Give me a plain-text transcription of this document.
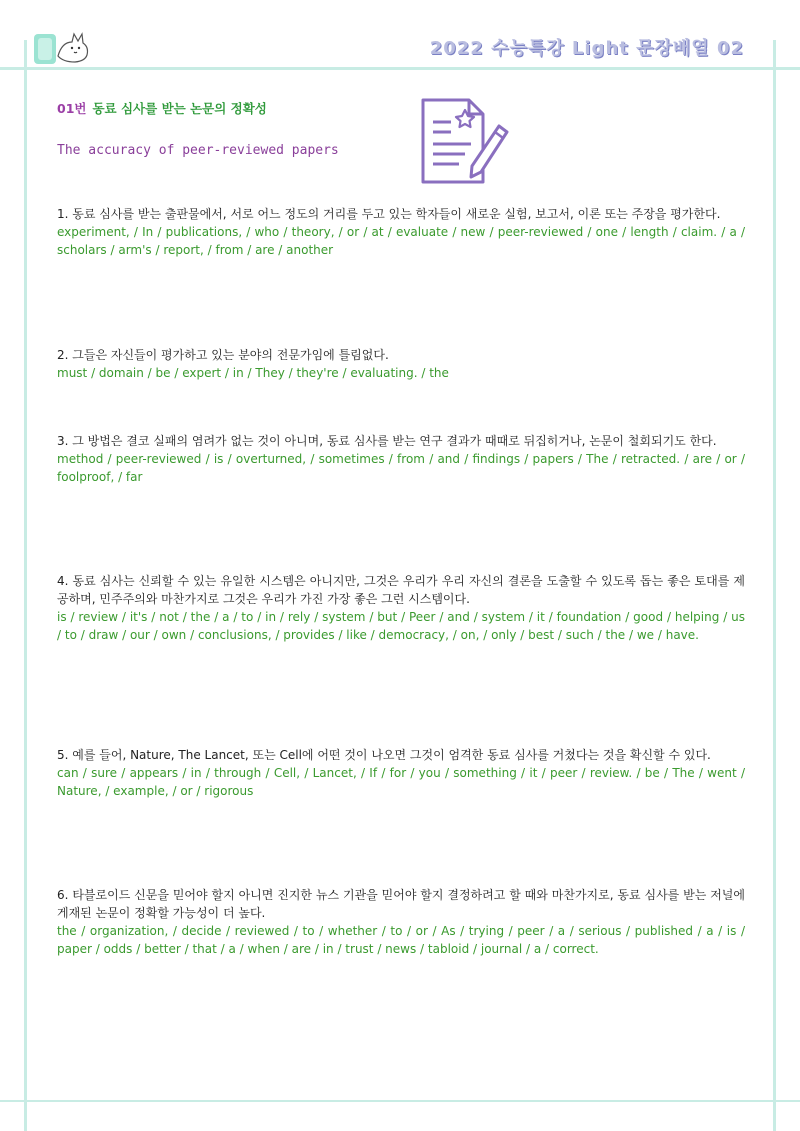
2022 수능특강 Light 문장배열 02
01번 동료 심사를 받는 논문의 정확성
The accuracy of peer-reviewed papers

1. 동료 심사를 받는 출판물에서, 서로 어느 정도의 거리를 두고 있는 학자들이 새로운 실험, 보고서, 이론 또는 주장을 평가한다.

experiment, / In / publications, / who / theory, / or / at / evaluate / new / peer-reviewed / one / length / claim. / a / scholars / arm's / report, / from / are / another

2. 그들은 자신들이 평가하고 있는 분야의 전문가임에 틀림없다.

must / domain / be / expert / in / They / they're / evaluating. / the

3. 그 방법은 결코 실패의 염려가 없는 것이 아니며, 동료 심사를 받는 연구 결과가 때때로 뒤집히거나, 논문이 철회되기도 한다.

method / peer-reviewed / is / overturned, / sometimes / from / and / findings / papers / The / retracted. / are / or / foolproof, / far

4. 동료 심사는 신뢰할 수 있는 유일한 시스템은 아니지만, 그것은 우리가 우리 자신의 결론을 도출할 수 있도록 돕는 좋은 토대를 제공하며, 민주주의와 마찬가지로 그것은 우리가 가진 가장 좋은 그런 시스템이다.

is / review / it's / not / the / a / to / in / rely / system / but / Peer / and / system / it / foundation / good / helping / us / to / draw / our / own / conclusions, / provides / like / democracy, / on, / only / best / such / the / we / have.

5. 예를 들어, Nature, The Lancet, 또는 Cell에 어떤 것이 나오면 그것이 엄격한 동료 심사를 거쳤다는 것을 확신할 수 있다.

can / sure / appears / in / through / Cell, / Lancet, / If / for / you / something / it / peer / review. / be / The / went / Nature, / example, / or / rigorous

6. 타블로이드 신문을 믿어야 할지 아니면 진지한 뉴스 기관을 믿어야 할지 결정하려고 할 때와 마찬가지로, 동료 심사를 받는 저널에 게재된 논문이 정확할 가능성이 더 높다.

the / organization, / decide / reviewed / to / whether / to / or / As / trying / peer / a / serious / published / a / is / paper / odds / better / that / a / when / are / in / trust / news / tabloid / journal / a / correct.
